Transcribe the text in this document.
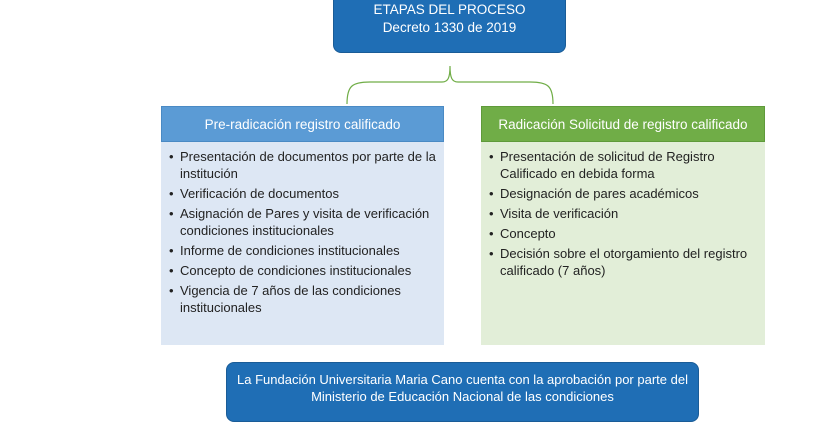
ETAPAS DEL PROCESO
Decreto 1330 de 2019
Pre-radicación registro calificado
• Presentación de documentos por parte de la institución
• Verificación de documentos
• Asignación de Pares y visita de verificación condiciones institucionales
• Informe de condiciones institucionales
• Concepto de condiciones institucionales
• Vigencia de 7 años de las condiciones institucionales
Radicación Solicitud de registro calificado
• Presentación de solicitud de Registro Calificado en debida forma
• Designación de pares académicos
• Visita de verificación
• Concepto
• Decisión sobre el otorgamiento del registro calificado (7 años)
La Fundación Universitaria Maria Cano cuenta con la aprobación por parte del Ministerio de Educación Nacional de las condiciones
